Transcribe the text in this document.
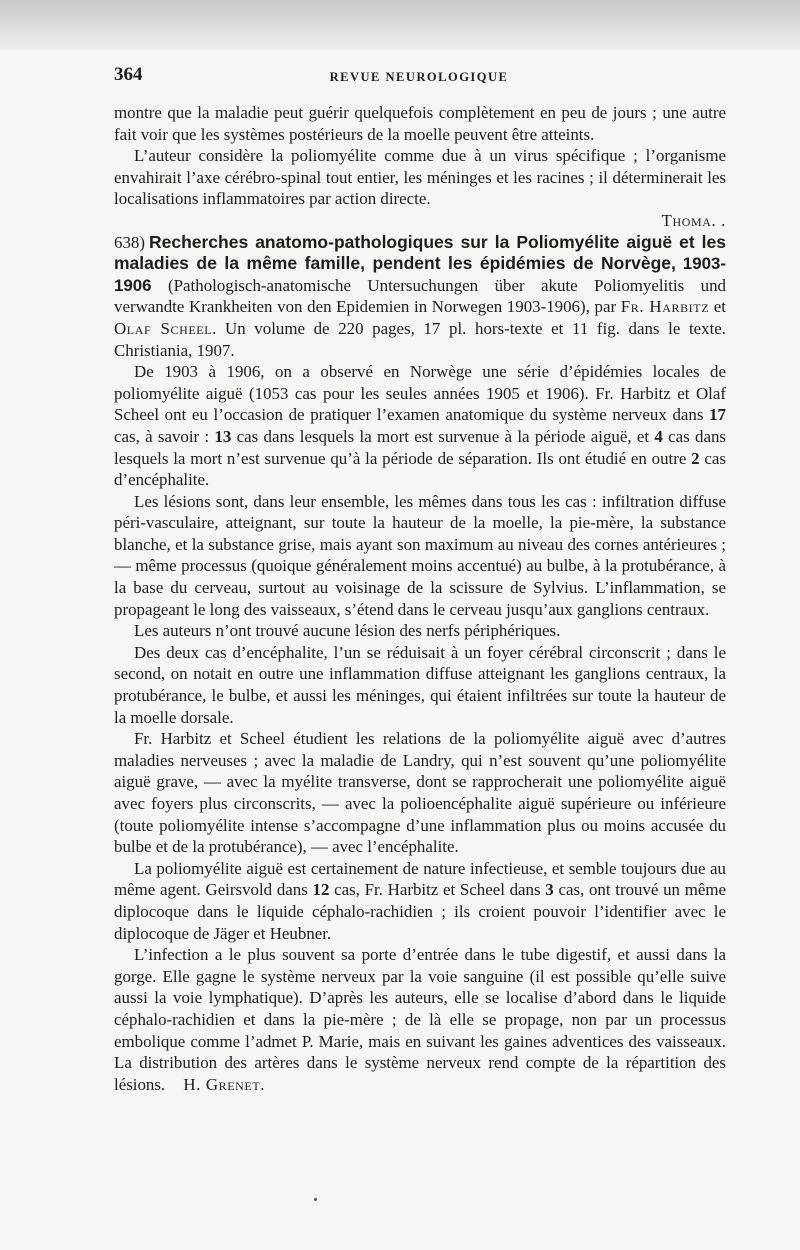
364	REVUE NEUROLOGIQUE

montre que la maladie peut guérir quelquefois complètement en peu de jours ; une autre fait voir que les systèmes postérieurs de la moelle peuvent être atteints.

L’auteur considère la poliomyélite comme due à un virus spécifique ; l’organisme envahirait l’axe cérébro-spinal tout entier, les méninges et les racines ; il déterminerait les localisations inflammatoires par action directe.

Thoma. .

638) Recherches anatomo-pathologiques sur la Poliomyélite aiguë et les maladies de la même famille, pendent les épidémies de Norvège, 1903-1906 (Pathologisch-anatomische Untersuchungen über akute Poliomyelitis und verwandte Krankheiten von den Epidemien in Norwegen 1903-1906), par Fr. Harbitz et Olaf Scheel. Un volume de 220 pages, 17 pl. hors-texte et 11 fig. dans le texte. Christiania, 1907.

De 1903 à 1906, on a observé en Norwège une série d’épidémies locales de poliomyélite aiguë (1053 cas pour les seules années 1905 et 1906). Fr. Harbitz et Olaf Scheel ont eu l’occasion de pratiquer l’examen anatomique du système nerveux dans 17 cas, à savoir : 13 cas dans lesquels la mort est survenue à la période aiguë, et 4 cas dans lesquels la mort n’est survenue qu’à la période de séparation. Ils ont étudié en outre 2 cas d’encéphalite.

Les lésions sont, dans leur ensemble, les mêmes dans tous les cas : infiltration diffuse péri-vasculaire, atteignant, sur toute la hauteur de la moelle, la pie-mère, la substance blanche, et la substance grise, mais ayant son maximum au niveau des cornes antérieures ; — même processus (quoique généralement moins accentué) au bulbe, à la protubérance, à la base du cerveau, surtout au voisinage de la scissure de Sylvius. L’inflammation, se propageant le long des vaisseaux, s’étend dans le cerveau jusqu’aux ganglions centraux.

Les auteurs n’ont trouvé aucune lésion des nerfs périphériques.

Des deux cas d’encéphalite, l’un se réduisait à un foyer cérébral circonscrit ; dans le second, on notait en outre une inflammation diffuse atteignant les ganglions centraux, la protubérance, le bulbe, et aussi les méninges, qui étaient infiltrées sur toute la hauteur de la moelle dorsale.

Fr. Harbitz et Scheel étudient les relations de la poliomyélite aiguë avec d’autres maladies nerveuses ; avec la maladie de Landry, qui n’est souvent qu’une poliomyélite aiguë grave, — avec la myélite transverse, dont se rapprocherait une poliomyélite aiguë avec foyers plus circonscrits, — avec la polioencéphalite aiguë supérieure ou inférieure (toute poliomyélite intense s’accompagne d’une inflammation plus ou moins accusée du bulbe et de la protubérance), — avec l’encéphalite.

La poliomyélite aiguë est certainement de nature infectieuse, et semble toujours due au même agent. Geirsvold dans 12 cas, Fr. Harbitz et Scheel dans 3 cas, ont trouvé un même diplocoque dans le liquide céphalo-rachidien ; ils croient pouvoir l’identifier avec le diplocoque de Jäger et Heubner.

L’infection a le plus souvent sa porte d’entrée dans le tube digestif, et aussi dans la gorge. Elle gagne le système nerveux par la voie sanguine (il est possible qu’elle suive aussi la voie lymphatique). D’après les auteurs, elle se localise d’abord dans le liquide céphalo-rachidien et dans la pie-mère ; de là elle se propage, non par un processus embolique comme l’admet P. Marie, mais en suivant les gaines adventices des vaisseaux. La distribution des artères dans le système nerveux rend compte de la répartition des lésions. H. Grenet.
